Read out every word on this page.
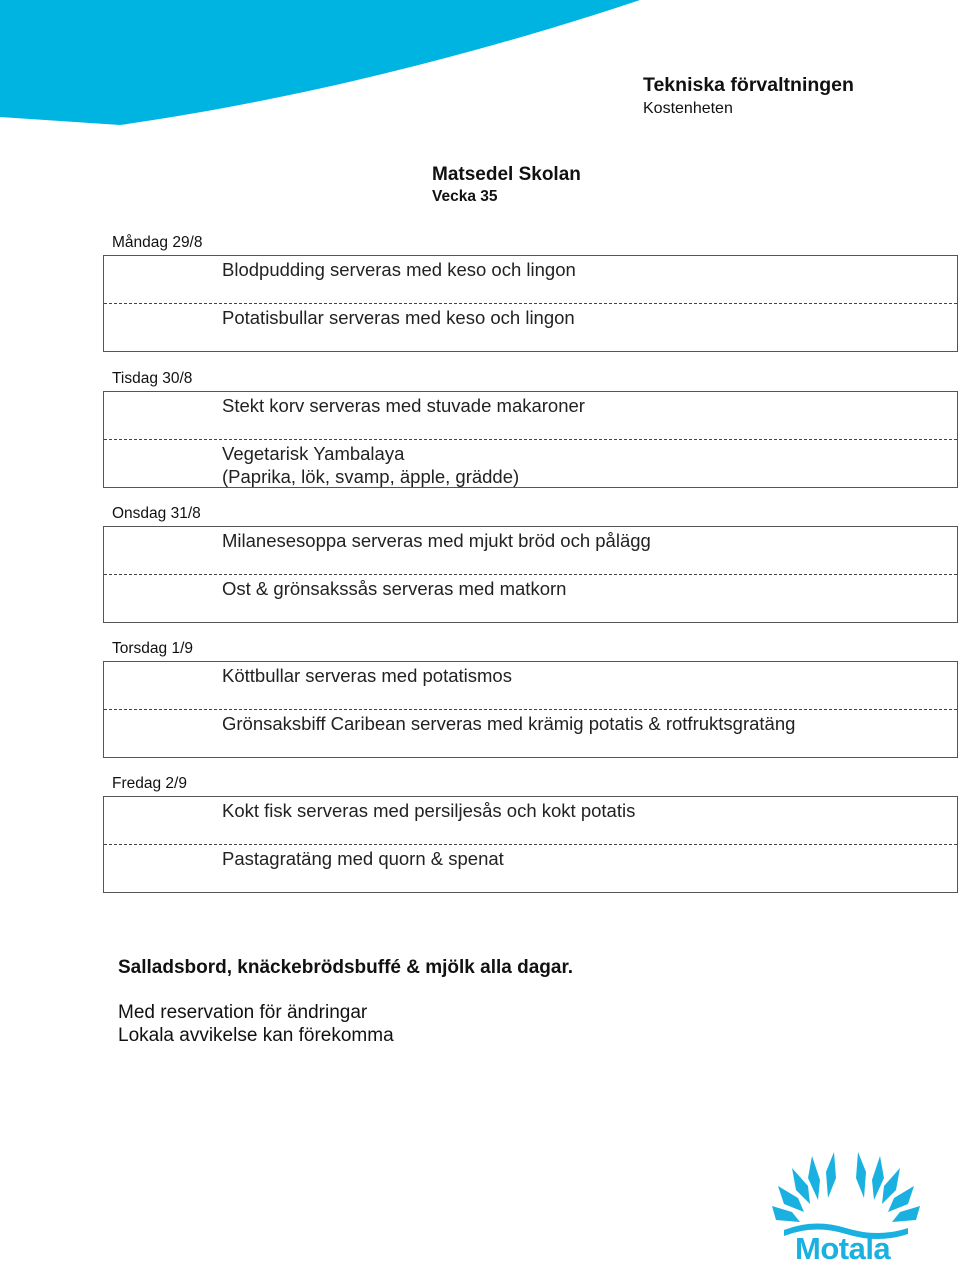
Tekniska förvaltningen
Kostenheten
Matsedel Skolan
Vecka 35
Blodpudding serveras med keso och lingon
Potatisbullar serveras med keso och lingon
Måndag 29/8
Stekt korv serveras med stuvade makaroner
Vegetarisk Yambalaya
(Paprika, lök, svamp, äpple, grädde)
Tisdag 30/8
Milanesesoppa serveras med mjukt bröd och pålägg
Ost & grönsakssås serveras med matkorn
Onsdag 31/8
Köttbullar serveras med potatismos
Grönsaksbiff Caribean serveras med krämig potatis & rotfruktsgratäng
Torsdag 1/9
Kokt fisk serveras med persiljesås och kokt potatis
Pastagratäng med quorn & spenat
Fredag 2/9
Salladsbord, knäckebrödsbuffé & mjölk alla dagar.
Med reservation för ändringar
Lokala avvikelse kan förekomma
Motala
